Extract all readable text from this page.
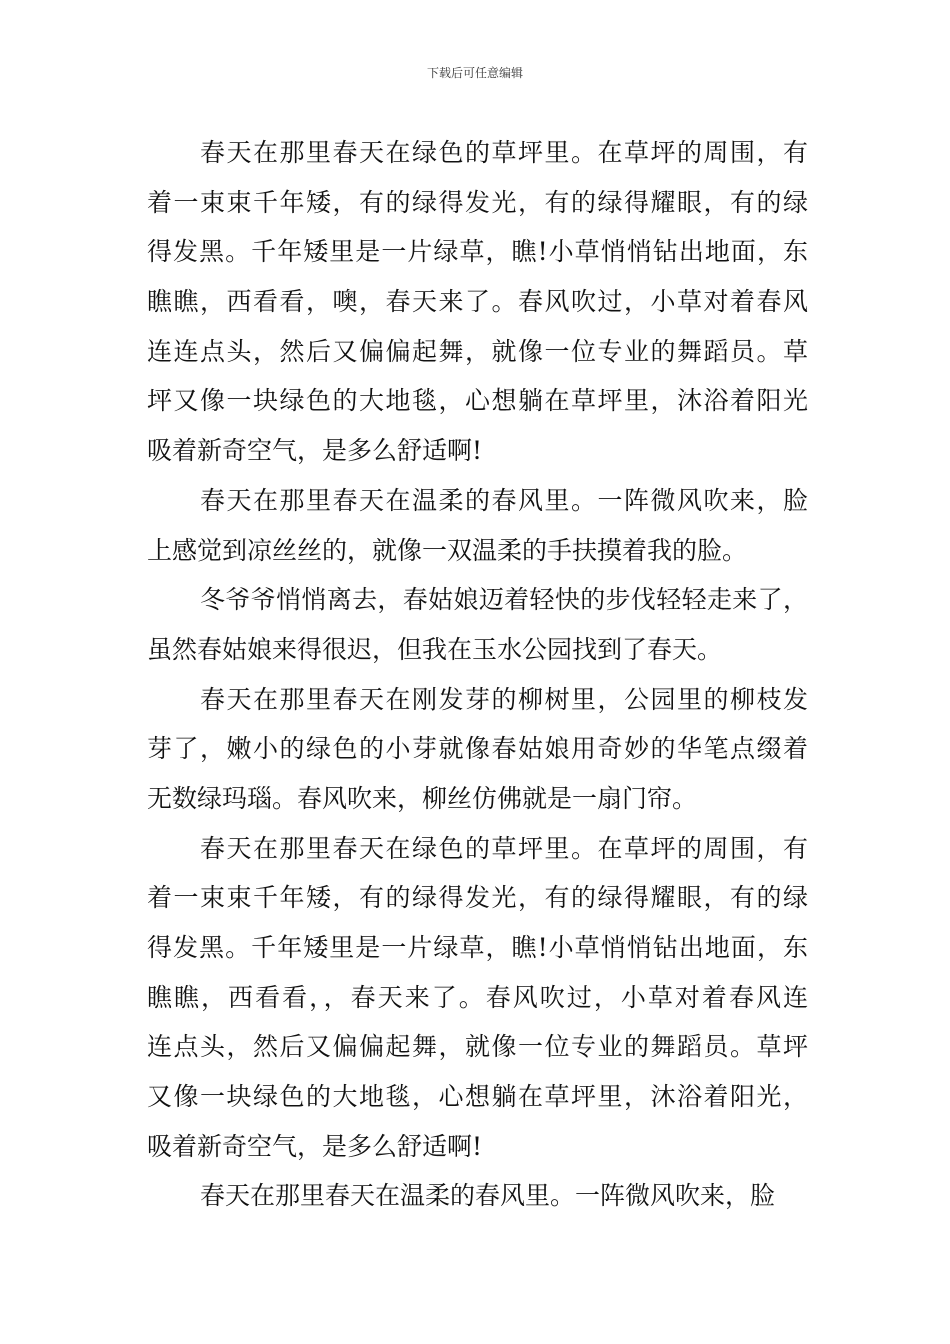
下载后可任意编辑
春天在那里春天在绿色的草坪里。在草坪的周围，有
着一束束千年矮，有的绿得发光，有的绿得耀眼，有的绿
得发黑。千年矮里是一片绿草，瞧!小草悄悄钻出地面，东
瞧瞧，西看看，噢，春天来了。春风吹过，小草对着春风
连连点头，然后又偏偏起舞，就像一位专业的舞蹈员。草
坪又像一块绿色的大地毯，心想躺在草坪里，沐浴着阳光
吸着新奇空气，是多么舒适啊!
春天在那里春天在温柔的春风里。一阵微风吹来，脸
上感觉到凉丝丝的，就像一双温柔的手扶摸着我的脸。
冬爷爷悄悄离去，春姑娘迈着轻快的步伐轻轻走来了，
虽然春姑娘来得很迟，但我在玉水公园找到了春天。
春天在那里春天在刚发芽的柳树里，公园里的柳枝发
芽了，嫩小的绿色的小芽就像春姑娘用奇妙的华笔点缀着
无数绿玛瑙。春风吹来，柳丝仿佛就是一扇门帘。
春天在那里春天在绿色的草坪里。在草坪的周围，有
着一束束千年矮，有的绿得发光，有的绿得耀眼，有的绿
得发黑。千年矮里是一片绿草，瞧!小草悄悄钻出地面，东
瞧瞧，西看看，，春天来了。春风吹过，小草对着春风连
连点头，然后又偏偏起舞，就像一位专业的舞蹈员。草坪
又像一块绿色的大地毯，心想躺在草坪里，沐浴着阳光，
吸着新奇空气，是多么舒适啊!
春天在那里春天在温柔的春风里。一阵微风吹来，脸
